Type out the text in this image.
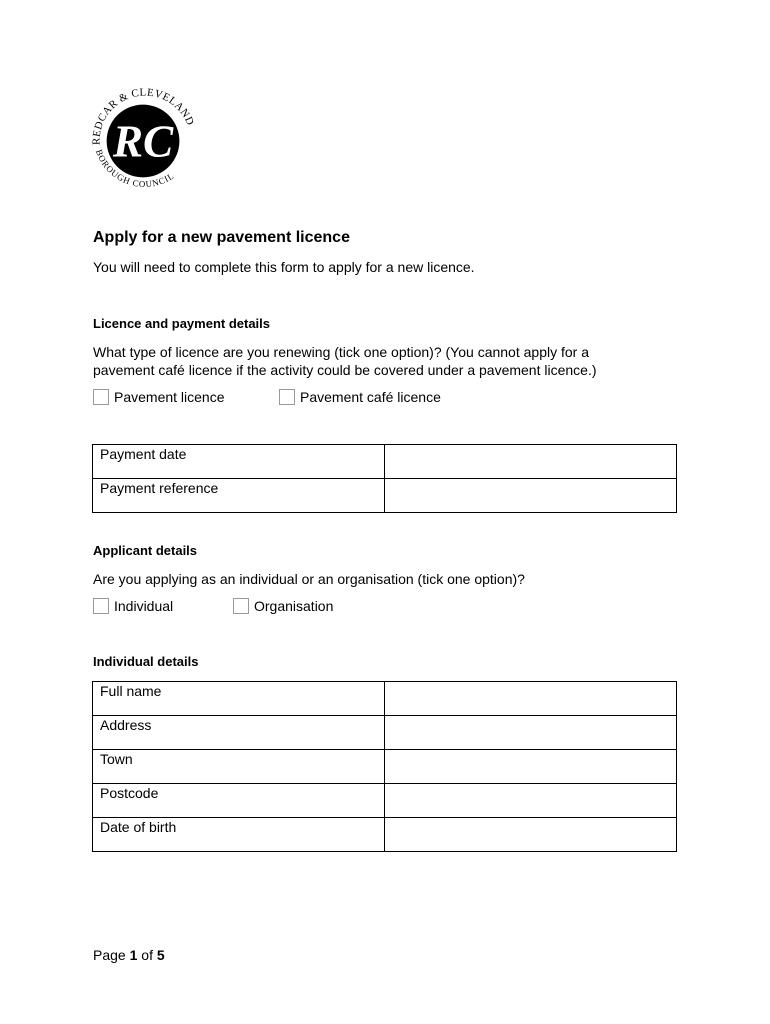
REDCAR & CLEVELAND
BOROUGH COUNCIL
RC
Apply for a new pavement licence

You will need to complete this form to apply for a new licence.

Licence and payment details

What type of licence are you renewing (tick one option)? (You cannot apply for a
pavement café licence if the activity could be covered under a pavement licence.)

Pavement licence	Pavement café licence
Payment date	
Payment reference	
Applicant details

Are you applying as an individual or an organisation (tick one option)?

Individual	Organisation
Individual details
Full name	
Address	
Town	
Postcode	
Date of birth	

Page 1 of 5
